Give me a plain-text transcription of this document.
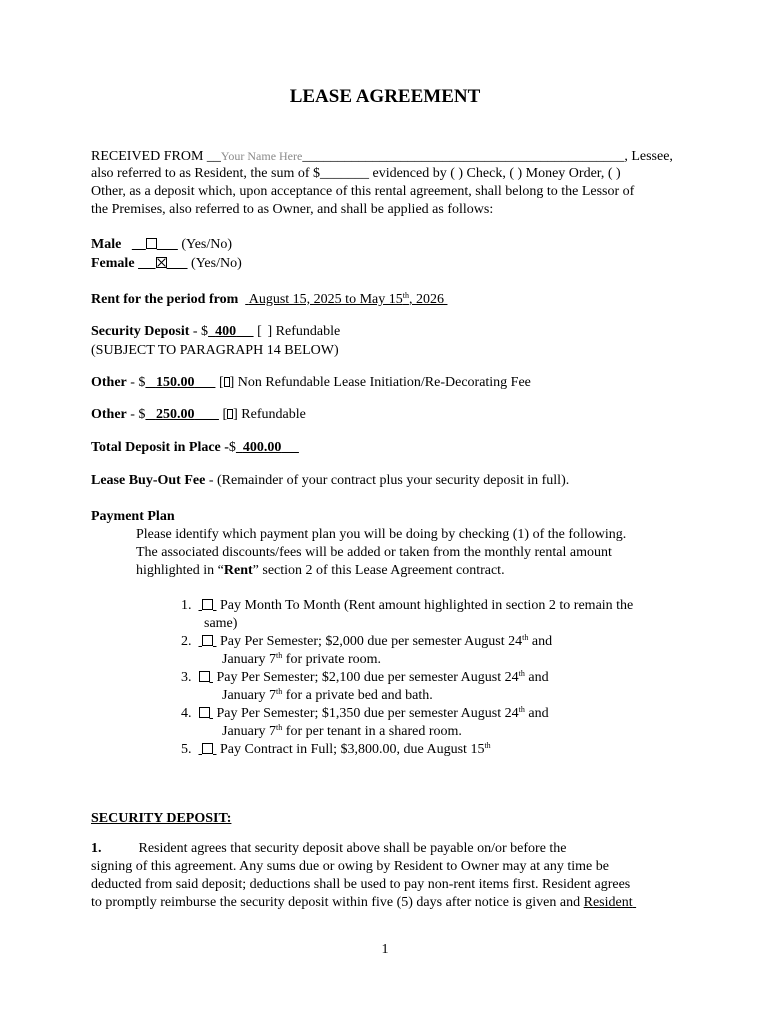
LEASE AGREEMENT
RECEIVED FROM __Your Name Here______________________________________________, Lessee,
also referred to as Resident, the sum of $_______ evidenced by ( ) Check, ( ) Money Order, ( )
Other, as a deposit which, upon acceptance of this rental agreement, shall belong to the Lessor of
the Premises, also referred to as Owner, and shall be applied as follows:
Male	(Yes/No)
Female	(Yes/No)
Rent for the period from August 15, 2025 to May 15th, 2026
Security Deposit - $ 400      [  ] Refundable
(SUBJECT TO PARAGRAPH 14 BELOW)
Other - $ 150.00       [ ] Non Refundable Lease Initiation/Re-Decorating Fee
Other - $ 250.00        [ ] Refundable
Total Deposit in Place -$ 400.00
Lease Buy-Out Fee - (Remainder of your contract plus your security deposit in full).
Payment Plan
Please identify which payment plan you will be doing by checking (1) of the following.
The associated discounts/fees will be added or taken from the monthly rental amount
highlighted in “Rent” section 2 of this Lease Agreement contract.
1. Pay Month To Month (Rent amount highlighted in section 2 to remain the
same)
2. Pay Per Semester; $2,000 due per semester August 24th and
January 7th for private room.
3. Pay Per Semester; $2,100 due per semester August 24th and
January 7th for a private bed and bath.
4. Pay Per Semester; $1,350 due per semester August 24th and
January 7th for per tenant in a shared room.
5. Pay Contract in Full; $3,800.00, due August 15th
SECURITY DEPOSIT:
1.	Resident agrees that security deposit above shall be payable on/or before the
signing of this agreement. Any sums due or owing by Resident to Owner may at any time be
deducted from said deposit; deductions shall be used to pay non-rent items first. Resident agrees
to promptly reimburse the security deposit within five (5) days after notice is given and Resident
1
